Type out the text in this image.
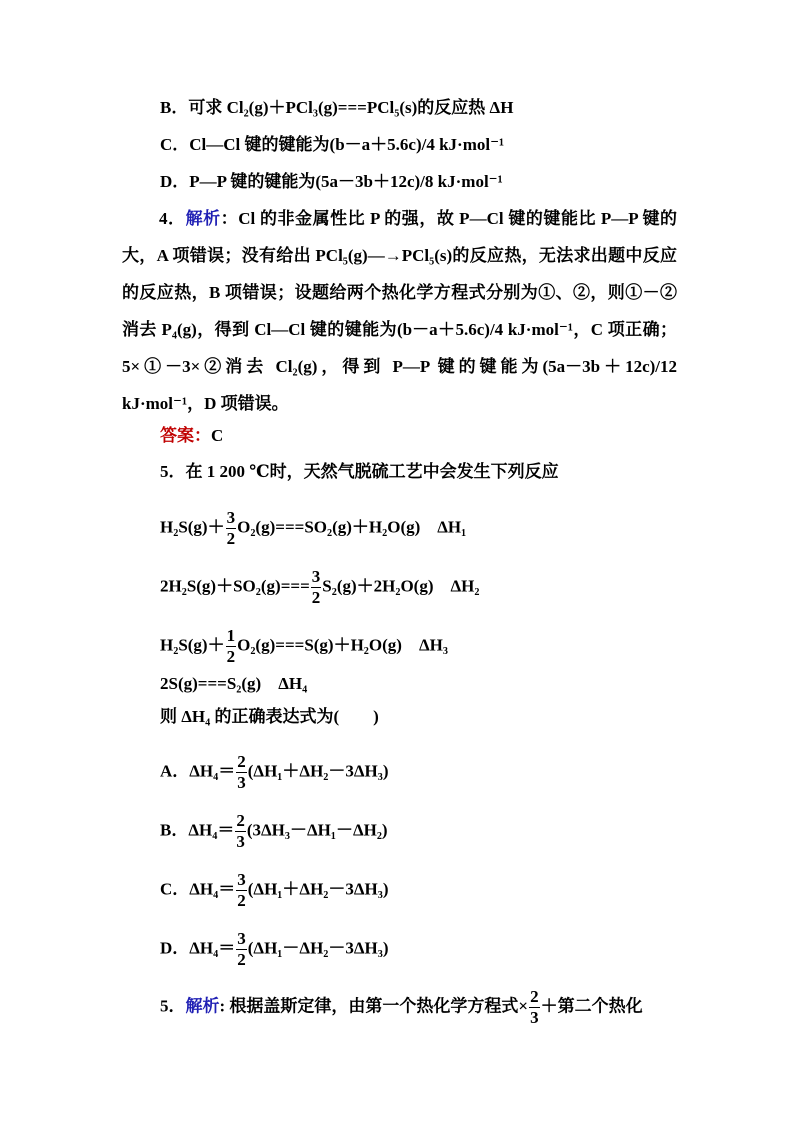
B．可求 Cl₂(g)＋PCl₃(g)===PCl₅(s)的反应热 ΔH
C．Cl—Cl 键的键能为(b－a＋5.6c)/4 kJ·mol⁻¹
D．P—P 键的键能为(5a－3b＋12c)/8 kJ·mol⁻¹
4．解析：Cl 的非金属性比 P 的强，故 P—Cl 键的键能比 P—P 键的大，A 项错误；没有给出 PCl₅(g)―→PCl₅(s)的反应热，无法求出题中反应的反应热，B 项错误；设题给两个热化学方程式分别为①、②，则①－②消去 P₄(g)，得到 Cl—Cl 键的键能为(b－a＋5.6c)/4 kJ·mol⁻¹，C 项正确；5×①－3×②消去 Cl₂(g)，得到 P—P 键的键能为(5a－3b＋12c)/12 kJ·mol⁻¹，D 项错误。
答案：C
5．在 1 200 ℃时，天然气脱硫工艺中会发生下列反应
$H_2S(g)+ \frac{3}{2} O_2(g)===SO_2(g)+H_2O(g)$　ΔH₁
$2H_2S(g)+SO_2(g)=== \frac{3}{2} S_2(g)+2H_2O(g)$　ΔH₂
$H_2S(g)+ \frac{1}{2} O_2(g)===S(g)+H_2O(g)$　ΔH₃
2S(g)===S₂(g)　ΔH₄
则 ΔH₄ 的正确表达式为(　　)
A．$\Delta H_4= \frac{2}{3} (\Delta H_1+\Delta H_2-3\Delta H_3)$
B．$\Delta H_4= \frac{2}{3} (3\Delta H_3-\Delta H_1-\Delta H_2)$
C．$\Delta H_4= \frac{3}{2} (\Delta H_1+\Delta H_2-3\Delta H_3)$
D．$\Delta H_4= \frac{3}{2} (\Delta H_1-\Delta H_2-3\Delta H_3)$
5．解析: 根据盖斯定律，由第一个热化学方程式× $\frac{2}{3}$ ＋第二个热化
